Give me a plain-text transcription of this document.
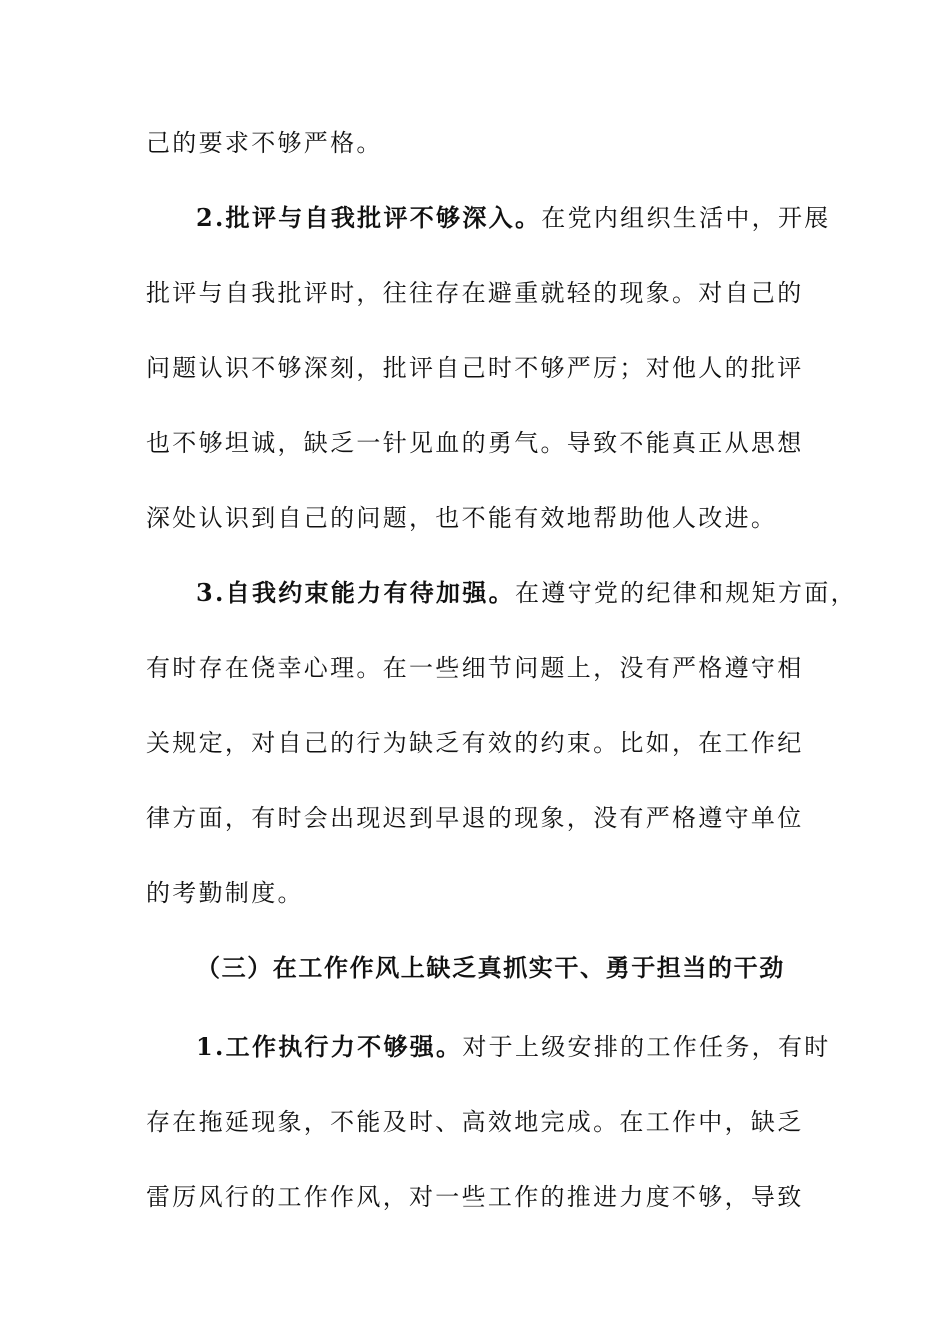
己的要求不够严格。
2.批评与自我批评不够深入。在党内组织生活中，开展
批评与自我批评时，往往存在避重就轻的现象。对自己的
问题认识不够深刻，批评自己时不够严厉；对他人的批评
也不够坦诚，缺乏一针见血的勇气。导致不能真正从思想
深处认识到自己的问题，也不能有效地帮助他人改进。
3.自我约束能力有待加强。在遵守党的纪律和规矩方面，
有时存在侥幸心理。在一些细节问题上，没有严格遵守相
关规定，对自己的行为缺乏有效的约束。比如，在工作纪
律方面，有时会出现迟到早退的现象，没有严格遵守单位
的考勤制度。
（三）在工作作风上缺乏真抓实干、勇于担当的干劲
1.工作执行力不够强。对于上级安排的工作任务，有时
存在拖延现象，不能及时、高效地完成。在工作中，缺乏
雷厉风行的工作作风，对一些工作的推进力度不够，导致
